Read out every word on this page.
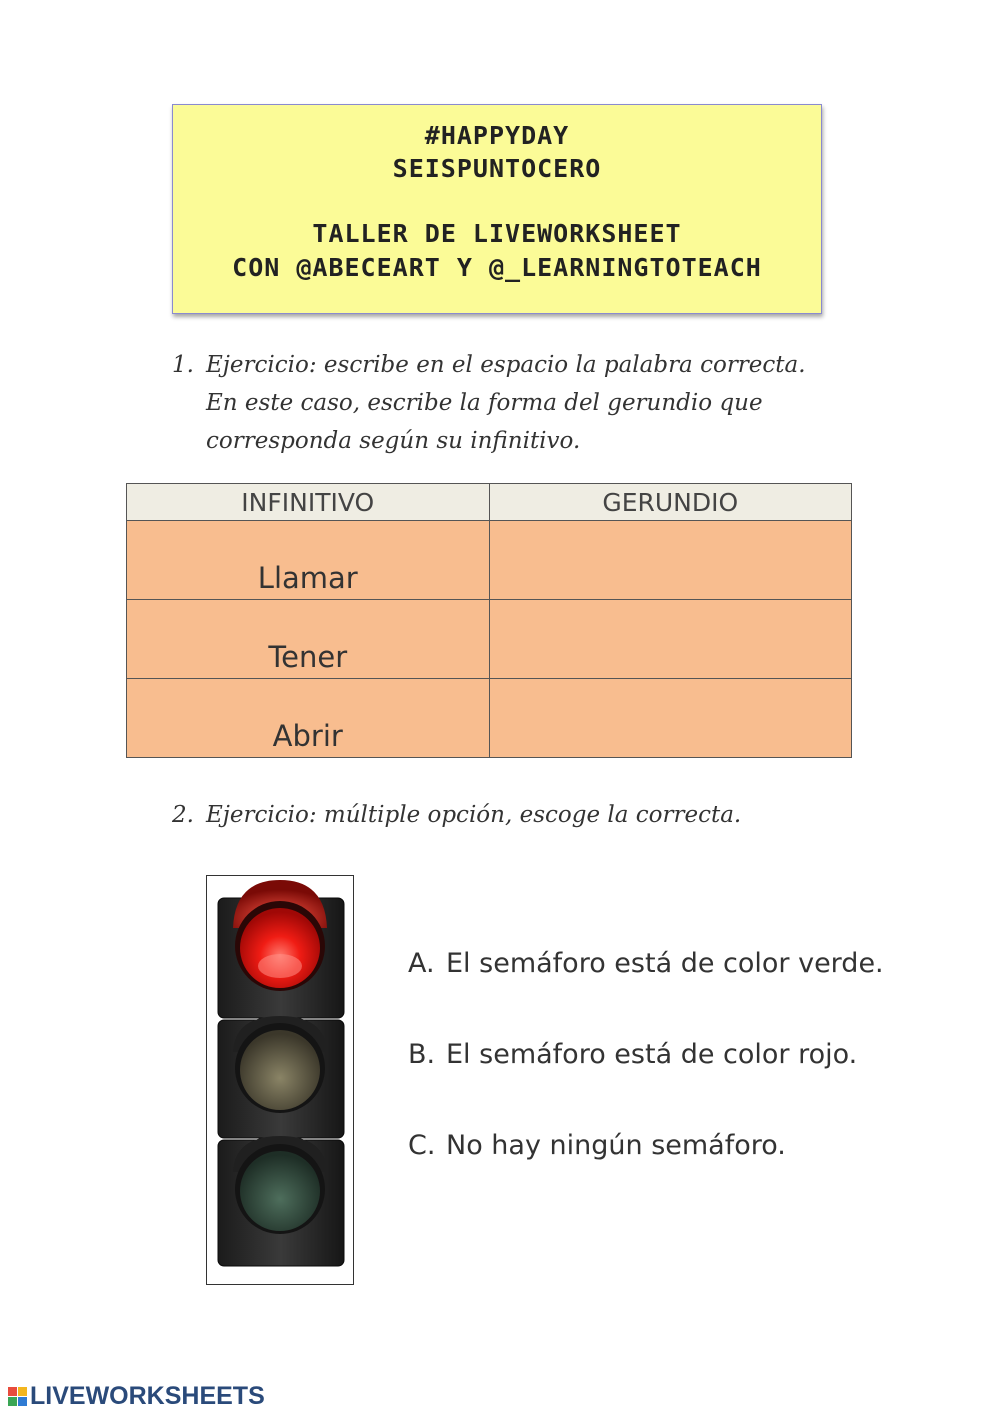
#HAPPYDAY
SEISPUNTOCERO
TALLER DE LIVEWORKSHEET
CON @ABECEART Y @_LEARNINGTOTEACH
1. Ejercicio: escribe en el espacio la palabra correcta.
En este caso, escribe la forma del gerundio que
corresponda según su infinitivo.
INFINITIVO	GERUNDIO

Llamar	

Tener	

Abrir	

2. Ejercicio: múltiple opción, escoge la correcta.
A. El semáforo está de color verde.
B. El semáforo está de color rojo.
C. No hay ningún semáforo.
LIVEWORKSHEETS
